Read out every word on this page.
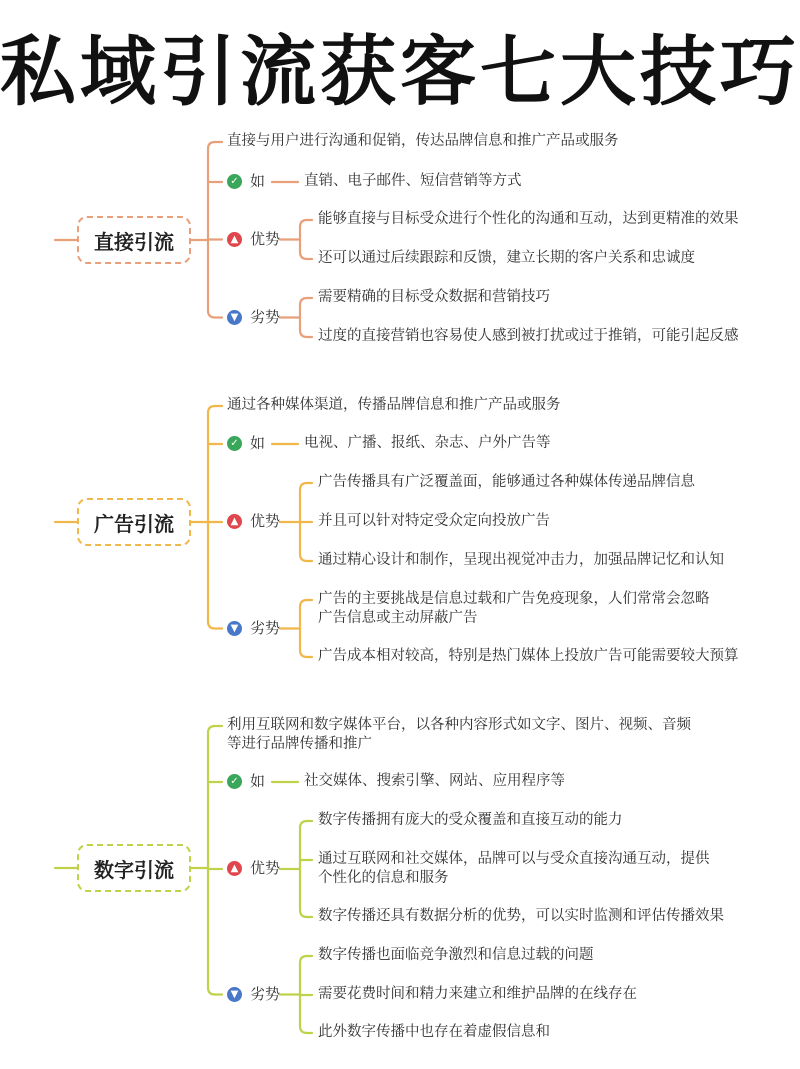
私域引流获客七大技巧
直接引流
直接与用户进行沟通和促销，传达品牌信息和推广产品或服务
✓ 如	直销、电子邮件、短信营销等方式
▲ 优势
能够直接与目标受众进行个性化的沟通和互动，达到更精准的效果
还可以通过后续跟踪和反馈，建立长期的客户关系和忠诚度
▼ 劣势
需要精确的目标受众数据和营销技巧
过度的直接营销也容易使人感到被打扰或过于推销，可能引起反感
广告引流
通过各种媒体渠道，传播品牌信息和推广产品或服务
✓ 如	电视、广播、报纸、杂志、户外广告等
▲ 优势
广告传播具有广泛覆盖面，能够通过各种媒体传递品牌信息
并且可以针对特定受众定向投放广告
通过精心设计和制作，呈现出视觉冲击力，加强品牌记忆和认知
▼ 劣势
广告的主要挑战是信息过载和广告免疫现象，人们常常会忽略
广告信息或主动屏蔽广告
广告成本相对较高，特别是热门媒体上投放广告可能需要较大预算
数字引流
利用互联网和数字媒体平台，以各种内容形式如文字、图片、视频、音频
等进行品牌传播和推广
✓ 如	社交媒体、搜索引擎、网站、应用程序等
▲ 优势
数字传播拥有庞大的受众覆盖和直接互动的能力
通过互联网和社交媒体，品牌可以与受众直接沟通互动，提供
个性化的信息和服务
数字传播还具有数据分析的优势，可以实时监测和评估传播效果
▼ 劣势
数字传播也面临竞争激烈和信息过载的问题
需要花费时间和精力来建立和维护品牌的在线存在
此外数字传播中也存在着虚假信息和
